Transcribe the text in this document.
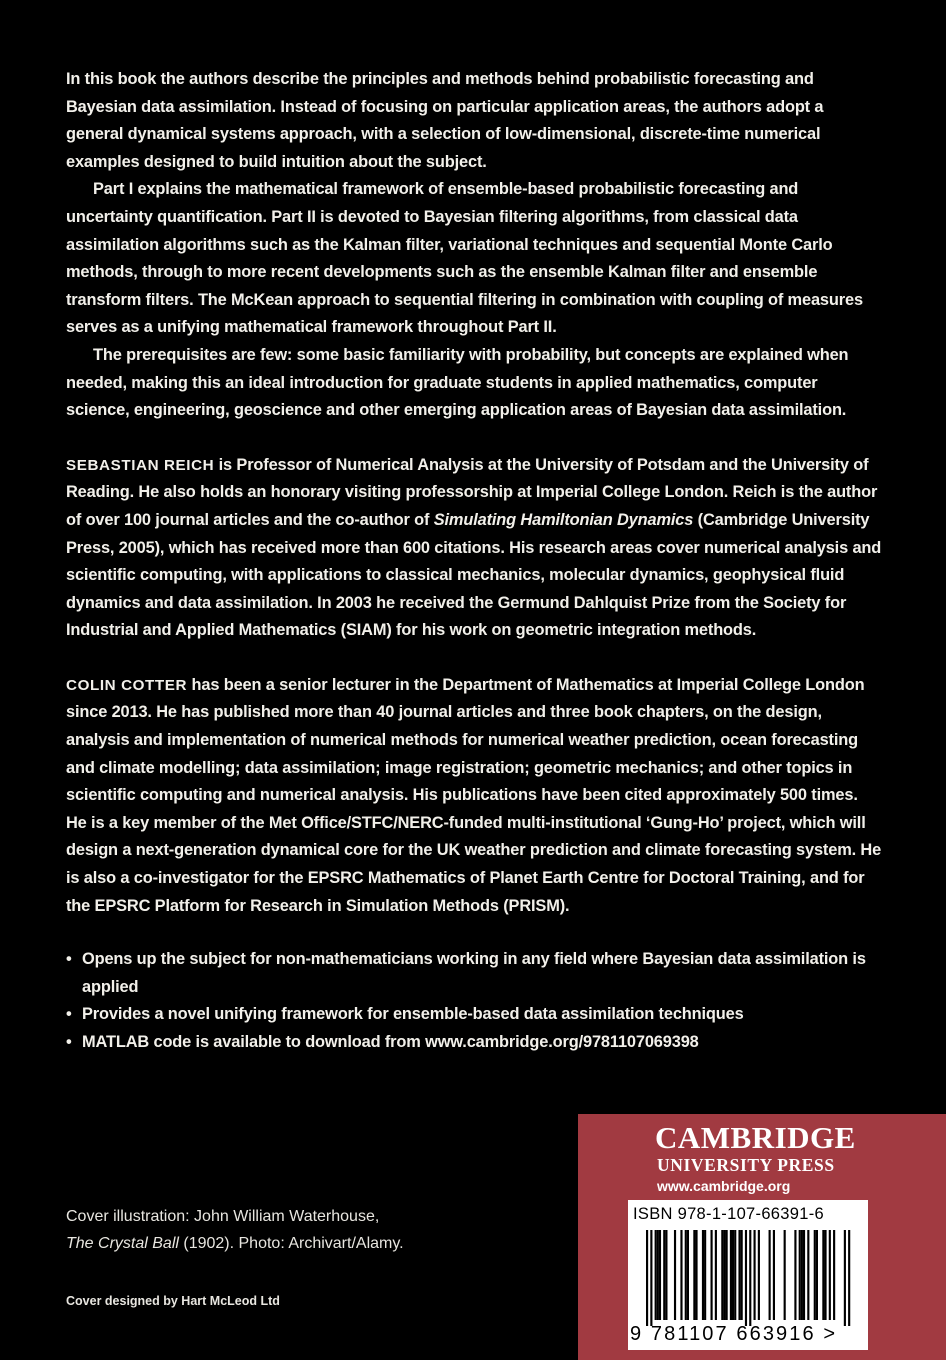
In this book the authors describe the principles and methods behind probabilistic forecasting and Bayesian data assimilation. Instead of focusing on particular application areas, the authors adopt a general dynamical systems approach, with a selection of low-dimensional, discrete-time numerical examples designed to build intuition about the subject.

Part I explains the mathematical framework of ensemble-based probabilistic forecasting and uncertainty quantification. Part II is devoted to Bayesian filtering algorithms, from classical data assimilation algorithms such as the Kalman filter, variational techniques and sequential Monte Carlo methods, through to more recent developments such as the ensemble Kalman filter and ensemble transform filters. The McKean approach to sequential filtering in combination with coupling of measures serves as a unifying mathematical framework throughout Part II.

The prerequisites are few: some basic familiarity with probability, but concepts are explained when needed, making this an ideal introduction for graduate students in applied mathematics, computer science, engineering, geoscience and other emerging application areas of Bayesian data assimilation.

SEBASTIAN REICH is Professor of Numerical Analysis at the University of Potsdam and the University of Reading. He also holds an honorary visiting professorship at Imperial College London. Reich is the author of over 100 journal articles and the co-author of Simulating Hamiltonian Dynamics (Cambridge University Press, 2005), which has received more than 600 citations. His research areas cover numerical analysis and scientific computing, with applications to classical mechanics, molecular dynamics, geophysical fluid dynamics and data assimilation. In 2003 he received the Germund Dahlquist Prize from the Society for Industrial and Applied Mathematics (SIAM) for his work on geometric integration methods.

COLIN COTTER has been a senior lecturer in the Department of Mathematics at Imperial College London since 2013. He has published more than 40 journal articles and three book chapters, on the design, analysis and implementation of numerical methods for numerical weather prediction, ocean forecasting and climate modelling; data assimilation; image registration; geometric mechanics; and other topics in scientific computing and numerical analysis. His publications have been cited approximately 500 times. He is a key member of the Met Office/STFC/NERC-funded multi-institutional ‘Gung-Ho’ project, which will design a next-generation dynamical core for the UK weather prediction and climate forecasting system. He is also a co-investigator for the EPSRC Mathematics of Planet Earth Centre for Doctoral Training, and for the EPSRC Platform for Research in Simulation Methods (PRISM).

• Opens up the subject for non-mathematicians working in any field where Bayesian data assimilation is applied
• Provides a novel unifying framework for ensemble-based data assimilation techniques
• MATLAB code is available to download from www.cambridge.org/9781107069398
Cover illustration: John William Waterhouse,
The Crystal Ball (1902). Photo: Archivart/Alamy.
Cover designed by Hart McLeod Ltd
CAMBRIDGE
UNIVERSITY PRESS
www.cambridge.org
ISBN 978-1-107-66391-6
9 781107 663916 >
